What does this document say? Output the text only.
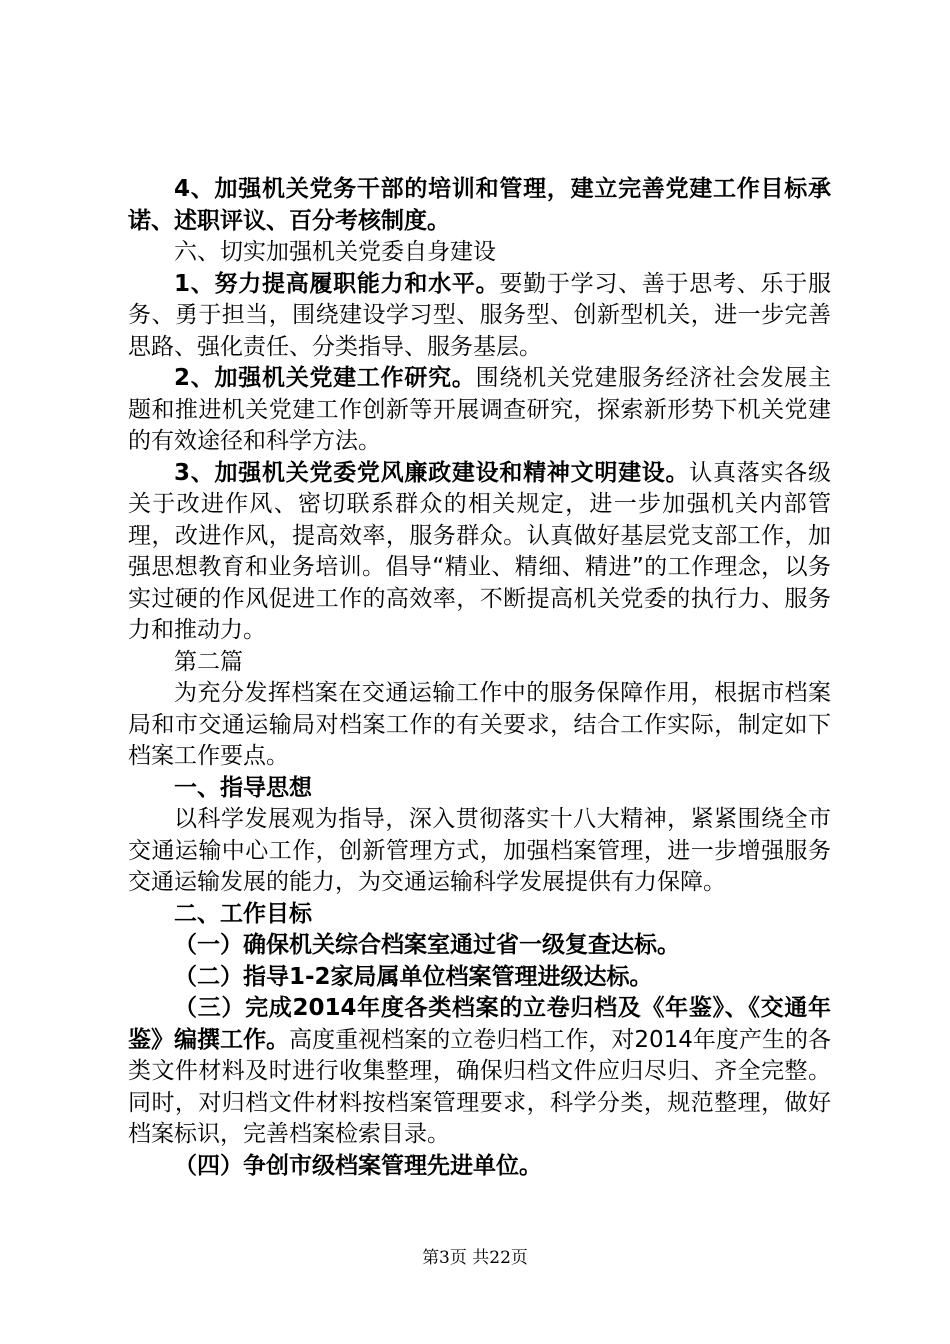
4、加强机关党务干部的培训和管理，建立完善党建工作目标承诺、述职评议、百分考核制度。

六、切实加强机关党委自身建设

1、努力提高履职能力和水平。要勤于学习、善于思考、乐于服务、勇于担当，围绕建设学习型、服务型、创新型机关，进一步完善思路、强化责任、分类指导、服务基层。

2、加强机关党建工作研究。围绕机关党建服务经济社会发展主题和推进机关党建工作创新等开展调查研究，探索新形势下机关党建的有效途径和科学方法。

3、加强机关党委党风廉政建设和精神文明建设。认真落实各级关于改进作风、密切联系群众的相关规定，进一步加强机关内部管理，改进作风，提高效率，服务群众。认真做好基层党支部工作，加强思想教育和业务培训。倡导“精业、精细、精进”的工作理念，以务实过硬的作风促进工作的高效率，不断提高机关党委的执行力、服务力和推动力。

第二篇

为充分发挥档案在交通运输工作中的服务保障作用，根据市档案局和市交通运输局对档案工作的有关要求，结合工作实际，制定如下档案工作要点。

一、指导思想

以科学发展观为指导，深入贯彻落实十八大精神，紧紧围绕全市交通运输中心工作，创新管理方式，加强档案管理，进一步增强服务交通运输发展的能力，为交通运输科学发展提供有力保障。

二、工作目标

（一）确保机关综合档案室通过省一级复查达标。

（二）指导1-2家局属单位档案管理进级达标。

（三）完成2014年度各类档案的立卷归档及《年鉴》、《交通年鉴》编撰工作。高度重视档案的立卷归档工作，对2014年度产生的各类文件材料及时进行收集整理，确保归档文件应归尽归、齐全完整。同时，对归档文件材料按档案管理要求，科学分类，规范整理，做好档案标识，完善档案检索目录。

（四）争创市级档案管理先进单位。

第3页 共22页
